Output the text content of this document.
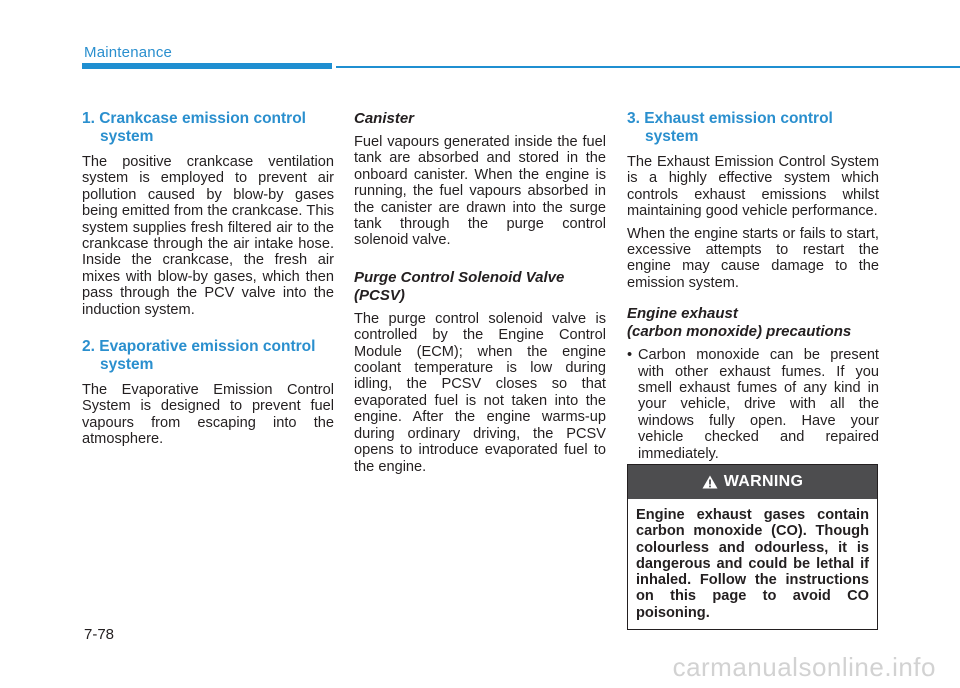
Maintenance
1. Crankcase emission control system
The positive crankcase ventilation system is employed to prevent air pollution caused by blow-by gases being emitted from the crankcase. This system supplies fresh filtered air to the crankcase through the air intake hose. Inside the crankcase, the fresh air mixes with blow-by gases, which then pass through the PCV valve into the induction system.
2. Evaporative emission control system
The Evaporative Emission Control System is designed to prevent fuel vapours from escaping into the atmosphere.
Canister
Fuel vapours generated inside the fuel tank are absorbed and stored in the onboard canister. When the engine is running, the fuel vapours absorbed in the canister are drawn into the surge tank through the purge control solenoid valve.
Purge Control Solenoid Valve (PCSV)
The purge control solenoid valve is controlled by the Engine Control Module (ECM); when the engine coolant temperature is low during idling, the PCSV closes so that evaporated fuel is not taken into the engine. After the engine warms-up during ordinary driving, the PCSV opens to introduce evaporated fuel to the engine.
3. Exhaust emission control system
The Exhaust Emission Control System is a highly effective system which controls exhaust emissions whilst maintaining good vehicle performance.
When the engine starts or fails to start, excessive attempts to restart the engine may cause damage to the emission system.
Engine exhaust
(carbon monoxide) precautions
• Carbon monoxide can be present with other exhaust fumes. If you smell exhaust fumes of any kind in your vehicle, drive with all the windows fully open. Have your vehicle checked and repaired immediately.
WARNING
Engine exhaust gases contain carbon monoxide (CO). Though colourless and odourless, it is dangerous and could be lethal if inhaled. Follow the instructions on this page to avoid CO poisoning.
7-78
carmanualsonline.info
